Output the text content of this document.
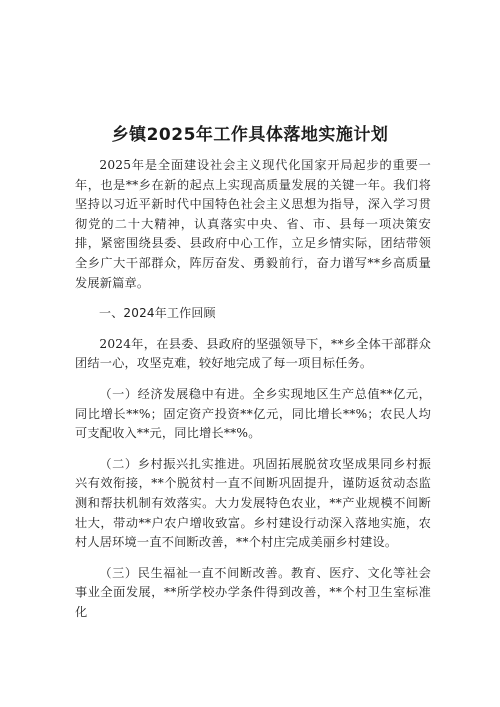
乡镇2025年工作具体落地实施计划

2025年是全面建设社会主义现代化国家开局起步的重要一年，也是**乡在新的起点上实现高质量发展的关键一年。我们将坚持以习近平新时代中国特色社会主义思想为指导，深入学习贯彻党的二十大精神，认真落实中央、省、市、县每一项决策安排，紧密围绕县委、县政府中心工作，立足乡情实际，团结带领全乡广大干部群众，阵厉奋发、勇毅前行，奋力谱写**乡高质量发展新篇章。

一、2024年工作回顾

2024年，在县委、县政府的坚强领导下，**乡全体干部群众团结一心，攻坚克难，较好地完成了每一项目标任务。

（一）经济发展稳中有进。全乡实现地区生产总值**亿元，同比增长**%；固定资产投资**亿元，同比增长**%；农民人均可支配收入**元，同比增长**%。

（二）乡村振兴扎实推进。巩固拓展脱贫攻坚成果同乡村振兴有效衔接，**个脱贫村一直不间断巩固提升，谨防返贫动态监测和帮扶机制有效落实。大力发展特色农业，**产业规模不间断壮大，带动**户农户增收致富。乡村建设行动深入落地实施，农村人居环境一直不间断改善，**个村庄完成美丽乡村建设。

（三）民生福祉一直不间断改善。教育、医疗、文化等社会事业全面发展，**所学校办学条件得到改善，**个村卫生室标准化
